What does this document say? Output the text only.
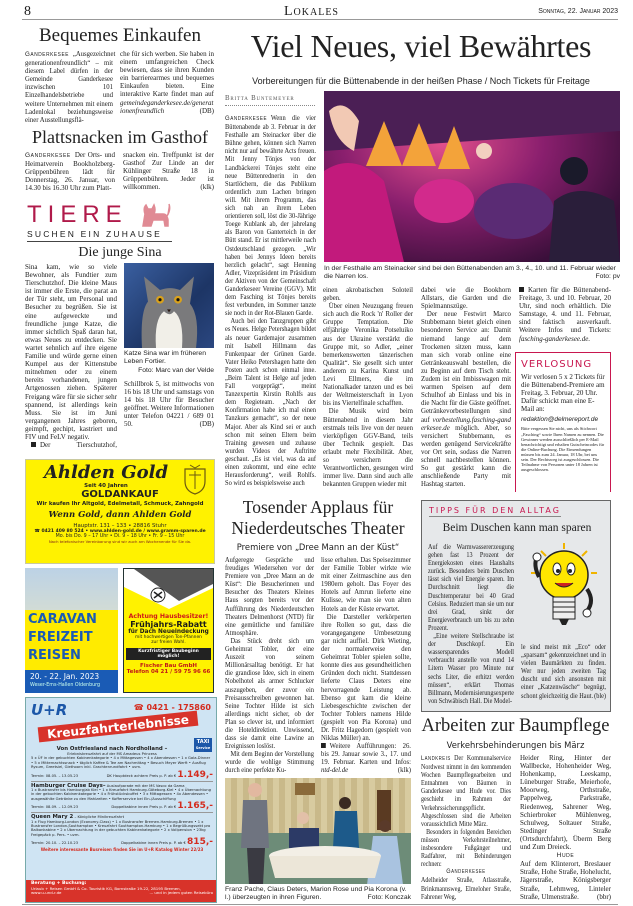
8	Lokales	Sonntag, 22. Januar 2023
Bequemes Einkaufen
Ganderkesee „Ausgezeichnet generationenfreundlich“ – mit diesem Label dürfen in der Gemeinde Ganderkesee inzwischen 101 Einzelhandelsbetriebe und weitere Unternehmen mit einem Ladenlokal beziehungsweise einer Ausstellungsflä-
che für sich werben. Sie haben in einem umfangreichen Check bewiesen, dass sie ihren Kunden ein barrierearmes und bequemes Einkaufen bieten. Eine interaktive Karte findet man auf gemeindeganderkesee.de/generationenfreundlich	(DB)
Plattsnacken im Gasthof
Ganderkesee Der Orts- und Heimatverein Bookholzberg-Grüppenbühren lädt für Donnerstag, 26. Januar, von 14.30 bis 16.30 Uhr zum Platt-
snacken ein. Treffpunkt ist der Gasthof Zur Linde an der Kühlinger Straße 18 in Grüppenbühren. Jeder ist willkommen.	(klk)
TIERE
SUCHEN EIN ZUHAUSE
Die junge Sina

Sina kam, wie so viele Bewohner, als Fundtier zum Tierschutzhof. Die kleine Maus ist immer die Erste, die parat an der Tür steht, um Personal und Besucher zu begrüßen. Sie ist eine aufgeweckte und freundliche junge Katze, die immer sichtlich Spaß daran hat, etwas Neues zu entdecken. Sie wartet sehnlich auf ihre eigene Familie und würde gerne einen Kumpel aus der Kittenstube mitnehmen oder zu einem bereits vorhandenen, jungen Artgenossen ziehen. Späterer Freigang wäre für sie sicher sehr spannend, ist allerdings kein Muss. Sie ist im Juni vergangenen Jahres geboren, geimpft, gechipt, kastriert und FIV und FeLV negativ.

Der Tierschutzhof,

Katze Sina war im früheren Leben Fortier.
Foto: Marc van der Velde
Schillbrok 5, ist mittwochs von 16 bis 18 Uhr und samstags von 14 bis 18 Uhr für Besucher geöffnet. Weitere Informationen unter Telefon 04221 / 689 01 50.	(DB)
Ahlden Gold
Seit 40 Jahren
GOLDANKAUF
Wir kaufen Ihr Altgold, Edelmetall, Schmuck, Zahngold
Wenn Gold, dann Ahlden Gold
Hauptstr. 131 – 133 • 28816 Stuhr
☎ 0421 409 80 524 • www.ahlden-gold.de / www.gramm-sparen.de
Mo. bis Do. 9 – 17 Uhr • Di. 9 – 18 Uhr • Fr. 9 – 15 Uhr
Nach telefonischer Vereinbarung sind wir auch am Wochenende für Sie da.
CARAVAN
FREIZEIT
REISEN
20. - 22. Jan. 2023
Weser-Ems-Hallen Oldenburg
Achtung Hausbesitzer!
Frühjahrs-Rabatt
für Dach Neueindeckung
mit hochwertigen Ton-Pfannen zur freien Wahl.
Kurzfristiger Baubeginn möglich!
Fischer Bau GmbH
Telefon 04 21 / 59 75 96 66
U+R	☎ 0421 - 175860
Kreuzfahrterlebnisse
TAXI
Service
Von Ostfriesland nach Nordholland –
Erlebniskreuzfahrt auf der MS Amadeus Princess
5 x ÜF in der gebuchten Kabinenkategorie • 4 x Mittagessen • 4 x Abendessen • 1 x Gala-Dinner • 5 x Mitternachtssnack • täglich Kaffee & Tee am Nachmittag • Besuch Meyer Werft • Ausflug Rysum, Greetsiel, Giethoorn inkl. Grachtenrundfahrt • uvm.
Termin: 08.05. – 13.05.23	DK Hauptdeck achtern Preis p. P. ab € 1.149,-
Hamburger Cruise Days– Auslaufparade mit der MS Vasco da Gama
1 x Bustransfer bis Hamburg/ab Kiel • 1 x Kreuzfahrt Hamburg-Göteborg-Kiel • 4 x Übernachtung in der gebuchten Kabinenkategorie • 4 x Frühstücksbuffet • 3 x Mittagessen • 4x Abendessen • ausgewählte Getränke zu den Mahlzeiten • Kofferservice bei Ein-/Ausschiffung
Termin: 08.09. – 12.09.23	Doppelkabine innen Preis p. P. ab € 1.165,-
Queen Mary 2 – Königliche Minikreuzfahrt
1 x Flug Hamburg-London (Economy-Class) • 1 x Bustransfer Bremen-Hamburg-Bremen • 1 x Bustransfer London-Southampton • Kreuzfahrt Southampton-Hamburg • 1 x Begrüßungssekt pro Balkonkabine • 2 x Übernachtung in der gebuchten Kabinenkategorie • 2 x Vollpension • 23kg Freigepäck p. Pers. • uvm.
Termin: 20.10. – 22.10.23	Doppelkabine innen Preis p. P. ab € 815,-
Weitere interessante Busreisen finden Sie im U+R Katalog Winter 22/23
Beratung + Buchung:
Urlaub + Reisen GmbH & Co. Touristik KG, Bornstraße 19-22, 28195 Bremen,
www.u-und-r.de	... und in jedem guten Reisebüro
Viel Neues, viel Bewährtes
Vorbereitungen für die Büttenabende in der heißen Phase / Noch Tickets für Freitage
Britta Buntemeyer

Ganderkesee Wenn die vier Büttenabende ab 3. Februar in der Festhalle am Steinacker über die Bühne gehen, können sich Narren nicht nur auf bewährte Acts freuen. Mit Jenny Tönjes von der Landbäckerei Tönjes steht eine neue Büttenrednerin in den Startlöchern, die das Publikum ordentlich zum Lachen bringen will. Mit ihrem Programm, das sich nah an ihrem Leben orientieren soll, löst die 30-Jährige Toege Kublank ab, der jahrelang als Baron von Ganterteich in der Bütt stand. Er ist mittlerweile nach Ostdeutschland gezogen. „Wir haben bei Jennys Ideen bereits herzlich gelacht“, sagt Henning Adler, Vizepräsident im Präsidium der Aktiven von der Gemeinschaft Ganderkeseer Vereine (GGV). Mit dem Fasching ist Tönjes bereits fest verbunden, im Sommer tanzte sie noch in der Rot-Blauen Garde.

Auch bei den Tanzgruppen gibt es Neues. Helge Petershagen bildet als neuer Gardemajor zusammen mit Isabell Hillmann das Funkenpaar der Grünen Garde. Vater Heiko Petershagen hatte den Posten auch schon einmal inne. „Beim Talent ist Helge auf jeden Fall vorgeprägt“, meint Tanzexpertin Kirstin Rohlfs aus dem Regieteam. „Nach der Konfirmation habe ich mal einen Tanzkurs gemacht“, so der neue Major. Aber als Kind sei er auch schon mit seinen Eltern beim Training gewesen und zuhause wurden Videos der Auftritte geschaut. „Es ist viel, was da auf einen zukommt, und eine echte Herausforderung“, weiß Rohlfs. So wird es beispielsweise auch

In der Festhalle am Steinacker sind bei den Büttenabenden am 3., 4., 10. und 11. Februar wieder die Narren los.	Foto: pv

einen akrobatischen Soloteil geben.

Über einen Neuzugang freuen sich auch die Rock 'n' Roller der Gruppe Temptation. Die elfjährige Veronika Potseluiko aus der Ukraine verstärkt die Gruppe mit, so Adler, „einer bemerkenswerten tänzerischen Qualität“. Sie gesellt sich unter anderem zu Karina Kunst und Levi Ellmers, die im Nationalkader tanzen und es bei der Weltmeisterschaft in Lyon bis ins Viertelfinale schafften.

Die Musik wird beim Büttenabend in diesem Jahr erstmals teils live von der neuen vierköpfigen GGV-Band, teils über Technik gespielt. Das erlaubt mehr Flexibilität. Aber, so versichern die Verantwortlichen, gesungen wird immer live. Dann sind auch alle bekannten Gruppen wieder mit

dabei wie die Bookhorn Allstars, die Garden und die Spielmannszüge.

Der neue Festwirt Marco Stubbemann bietet gleich einen besonderen Service an: Damit niemand lange auf dem Trockenen sitzen muss, kann man sich vorab online eine Getränkeauswahl bestellen, die zu Beginn auf dem Tisch steht. Zudem ist ein Imbisswagen mit warmen Speisen auf dem Schulhof ab Einlass und bis in die Nacht für die Gäste geöffnet. Getränkevorbestellungen sind auf vorbestellung.fasching-ganderkesee.de möglich. Aber, so versichert Stubbemann, es werden genügend Servicekräfte vor Ort sein, sodass die Narren schnell nachbestellen können. So gut gestärkt kann die anschließende Party mit Hashtag starten.

Karten für die Büttenabend-Freitage, 3. und 10. Februar, 20 Uhr, sind noch erhältlich. Die Samstage, 4. und 11. Februar, sind faktisch ausverkauft. Weitere Infos und Tickets: fasching-ganderkesee.de.
VERLOSUNG
Wir verlosen 5 x 2 Tickets für die Büttenabend-Premiere am Freitag, 3. Februar, 20 Uhr. Dafür schickt man eine E-Mail an:
redaktion@delmereport.de
Bitte vergessen Sie nicht, uns als Stichwort „Fasching“ sowie Ihren Namen zu nennen. Die Gewinner werden ausschließlich per E-Mail benachrichtigt und erhalten Gutscheincodes für die Online-Buchung. Die Einsendungen müssen bis zum 24. Januar, 18 Uhr, bei uns sein. Der Rechtsweg ist ausgeschlossen. Die Teilnahme von Personen unter 18 Jahren ist ausgeschlossen.
Tosender Applaus für
Niederdeutsches Theater
Premiere von „Dree Mann an der Küst“

Aufgeregte Gespräche und freudiges Wiedersehen vor der Premiere von „Dree Mann an de Küst“: Die Besucherinnen und Besucher des Theaters Kleines Haus sorgten bereits vor der Aufführung des Niederdeutschen Theaters Delmenhorst (NTD) für eine gemütliche und familiäre Atmosphäre.

Das Stück dreht sich um Geheimrat Tobler, der eine Auszeit von seinem Millionärsalltag benötigt. Er hat die grandiose Idee, sich in einem Nobelhotel als armer Schlucker auszugeben, der zuvor ein Preisausschreiben gewonnen hat. Seine Tochter Hilde ist sich allerdings nicht sicher, ob der Plan so clever ist, und informiert die Hoteldirektion. Unwissend, dass sie damit eine Lawine an Ereignissen loslöst.

Mit dem Beginn der Vorstellung wurde die wohlige Stimmung durch eine perfekte Ku-

lisse erhalten. Das Speisezimmer der Familie Tobler wirkte wie mit einer Zeitmaschine aus den 1980ern geholt. Das Foyer des Hotels auf Amrun lieferte eine Kulisse, wie man sie von alten Hotels an der Küste erwartet.

Die Darsteller verkörperten ihre Rollen so gut, dass die vorangegangene Umbesetzung gar nicht auffiel. Dirk Wieting, der normalerweise den Geheimrat Tobler spielen sollte, konnte dies aus gesundheitlichen Gründen doch nicht. Stattdessen lieferte Claus Deters eine hervorragende Leistung ab. Ebenso gut kam die kleine Liebesgeschichte zwischen der Tochter Toblers namens Hilde (gespielt von Pia Korona) und Dr. Fritz Hagedorn (gespielt von Niklas Müller) an.

Weitere Aufführungen: 26. bis 29. Januar sowie 3., 17. und 19. Februar. Karten und Infos: ntd-del.de	(klk)

Franz Pache, Claus Deters, Marion Rose und Pia Korona (v. l.) überzeugten in ihren Figuren.	Foto: Konczak
TIPPS FÜR DEN ALLTAG
Beim Duschen kann man sparen

Auf die Warmwassererzeugung gehen fast 13 Prozent der Energiekosten eines Haushalts zurück. Besonders beim Duschen lässt sich viel Energie sparen. Im Durchschnitt liegt die Duschtemperatur bei 40 Grad Celsius. Reduziert man sie um nur drei Grad, sinkt der Energieverbrauch um bis zu zehn Prozent.

„Eine weitere Stellschraube ist der Duschkopf. Ein wassersparendes Modell verbraucht anstelle von rund 14 Litern Wasser pro Minute nur sechs Liter, die erhitzt werden müssen“, erklärt Thomas Billmann, Modernisierungsexperte von Schwäbisch Hall. Die Model-

le sind meist mit „Eco“ oder „sparsam“ gekennzeichnet und in vielen Baumärkten zu finden. Wer nur jeden zweiten Tag duscht und sich ansonsten mit einer „Katzenwäsche“ begnügt, schont gleichzeitig die Haut. (ble)
Arbeiten zur Baumpflege
Verkehrsbehinderungen bis März

Landkreis Der Kommunalservice Nordwest nimmt in den kommenden Wochen Baumpflegearbeiten und Entnahmen von Bäumen in Ganderkesee und Hude vor. Dies geschieht im Rahmen der Verkehrssicherungspflicht. Abgeschlossen sind die Arbeiten voraussichtlich Mitte März.

Besonders in folgenden Bereichen müssen Verkehrsteilnehmer, insbesondere Fußgänger und Radfahrer, mit Behinderungen rechnen:

Ganderkesee

Adelheider Straße, Atlasstraße, Brinkmannsweg, Elmeloher Straße, Fahrener Weg,

Heider Ring, Hinter der Wallbecke, Hohenheider Weg, Hohenkamp, Leeskamp, Lüneburger Straße, Meierhofe, Moorweg, Orthstraße, Pappelweg, Parkstraße, Riedenweg, Sahrener Weg, Schierbroker Mühlenweg, Schulweg, Soltauer Straße, Stedinger Straße (Ortsdurchfahrt), Überm Berg und Zum Dreieck.

Hude

Auf dem Klinterort, Breslauer Straße, Hohe Straße, Hohelucht, Jägerstraße, Königsberger Straße, Lehmweg, Linteler Straße, Ulmenstraße.	(bbr)
